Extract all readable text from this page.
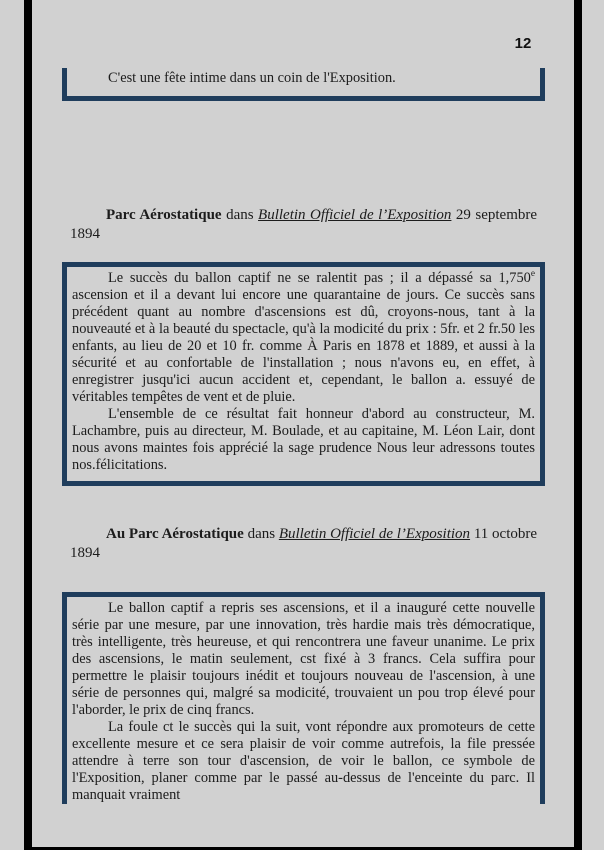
12

C'est une fête intime dans un coin de l'Exposition.

Parc Aérostatique dans Bulletin Officiel de l’Exposition 29 septembre
1894

Le succès du ballon captif ne se ralentit pas ; il a dépassé sa 1,750e ascension et il a devant lui encore une quarantaine de jours. Ce succès sans précédent quant au nombre d'ascensions est dû, croyons-nous, tant à la nouveauté et à la beauté du spectacle, qu'à la modicité du prix : 5fr. et 2 fr.50 les enfants, au lieu de 20 et 10 fr. comme À Paris en 1878 et 1889, et aussi à la sécurité et au confortable de l'installation ; nous n'avons eu, en effet, à enregistrer jusqu'ici aucun accident et, cependant, le ballon a. essuyé de véritables tempêtes de vent et de pluie.

L'ensemble de ce résultat fait honneur d'abord au constructeur, M. Lachambre, puis au directeur, M. Boulade, et au capitaine, M. Léon Lair, dont nous avons maintes fois apprécié la sage prudence Nous leur adressons toutes nos.félicitations.

Au Parc Aérostatique dans Bulletin Officiel de l’Exposition 11 octobre
1894

Le ballon captif a repris ses ascensions, et il a inauguré cette nouvelle série par une mesure, par une innovation, très hardie mais très démocratique, très intelligente, très heureuse, et qui rencontrera une faveur unanime. Le prix des ascensions, le matin seulement, cst fixé à 3 francs. Cela suffira pour permettre le plaisir toujours inédit et toujours nouveau de l'ascension, à une série de personnes qui, malgré sa modicité, trouvaient un pou trop élevé pour l'aborder, le prix de cinq francs.

La foule ct le succès qui la suit, vont répondre aux promoteurs de cette excellente mesure et ce sera plaisir de voir comme autrefois, la file pressée attendre à terre son tour d'ascension, de voir le ballon, ce symbole de l'Exposition, planer comme par le passé au-dessus de l'enceinte du parc. Il manquait vraiment
